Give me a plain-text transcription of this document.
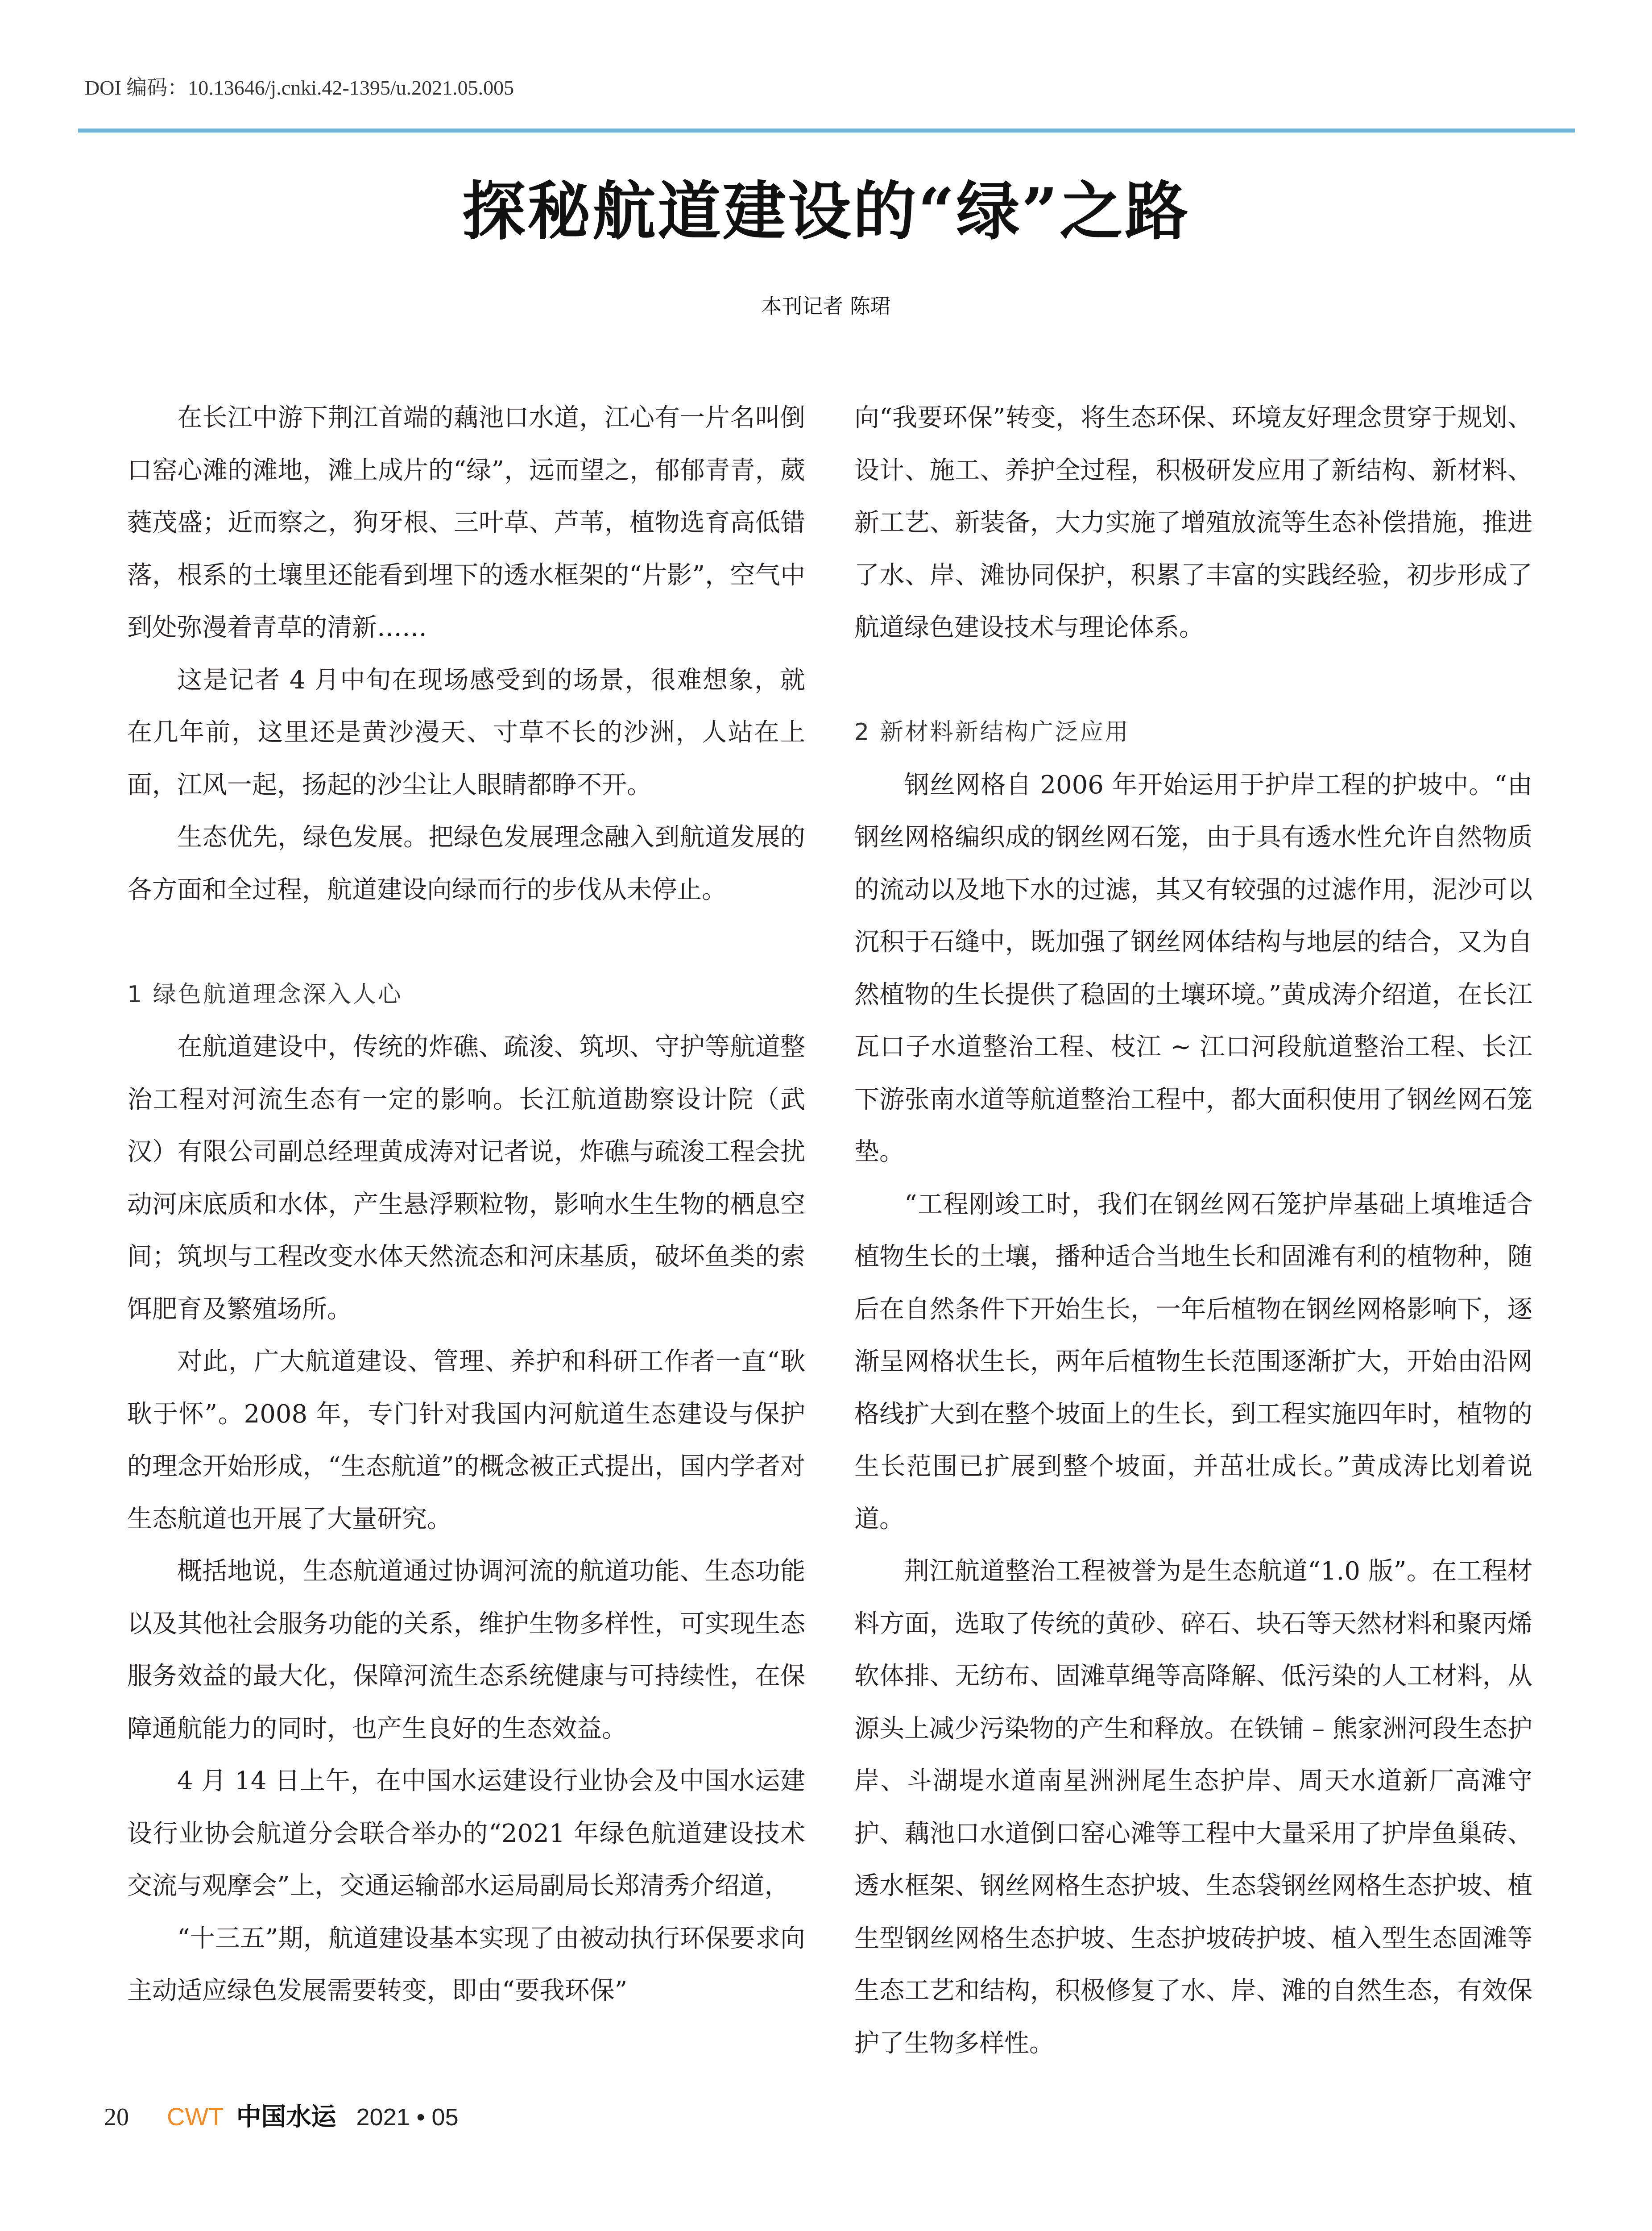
DOI 编码：10.13646/j.cnki.42-1395/u.2021.05.005
探秘航道建设的“绿”之路
本刊记者 陈珺

在长江中游下荆江首端的藕池口水道，江心有一片名叫倒口窑心滩的滩地，滩上成片的“绿”，远而望之，郁郁青青，葳蕤茂盛；近而察之，狗牙根、三叶草、芦苇，植物选育高低错落，根系的土壤里还能看到埋下的透水框架的“片影”，空气中到处弥漫着青草的清新……

这是记者 4 月中旬在现场感受到的场景，很难想象，就在几年前，这里还是黄沙漫天、寸草不长的沙洲，人站在上面，江风一起，扬起的沙尘让人眼睛都睁不开。

生态优先，绿色发展。把绿色发展理念融入到航道发展的各方面和全过程，航道建设向绿而行的步伐从未停止。

1 绿色航道理念深入人心

在航道建设中，传统的炸礁、疏浚、筑坝、守护等航道整治工程对河流生态有一定的影响。长江航道勘察设计院（武汉）有限公司副总经理黄成涛对记者说，炸礁与疏浚工程会扰动河床底质和水体，产生悬浮颗粒物，影响水生生物的栖息空间；筑坝与工程改变水体天然流态和河床基质，破坏鱼类的索饵肥育及繁殖场所。

对此，广大航道建设、管理、养护和科研工作者一直“耿耿于怀”。2008 年，专门针对我国内河航道生态建设与保护的理念开始形成，“生态航道”的概念被正式提出，国内学者对生态航道也开展了大量研究。

概括地说，生态航道通过协调河流的航道功能、生态功能以及其他社会服务功能的关系，维护生物多样性，可实现生态服务效益的最大化，保障河流生态系统健康与可持续性，在保障通航能力的同时，也产生良好的生态效益。

4 月 14 日上午，在中国水运建设行业协会及中国水运建设行业协会航道分会联合举办的“2021 年绿色航道建设技术交流与观摩会”上，交通运输部水运局副局长郑清秀介绍道，

“十三五”期，航道建设基本实现了由被动执行环保要求向主动适应绿色发展需要转变，即由“要我环保”

向“我要环保”转变，将生态环保、环境友好理念贯穿于规划、设计、施工、养护全过程，积极研发应用了新结构、新材料、新工艺、新装备，大力实施了增殖放流等生态补偿措施，推进了水、岸、滩协同保护，积累了丰富的实践经验，初步形成了航道绿色建设技术与理论体系。

2 新材料新结构广泛应用

钢丝网格自 2006 年开始运用于护岸工程的护坡中。“由钢丝网格编织成的钢丝网石笼，由于具有透水性允许自然物质的流动以及地下水的过滤，其又有较强的过滤作用，泥沙可以沉积于石缝中，既加强了钢丝网体结构与地层的结合，又为自然植物的生长提供了稳固的土壤环境。”黄成涛介绍道，在长江瓦口子水道整治工程、枝江 ~ 江口河段航道整治工程、长江下游张南水道等航道整治工程中，都大面积使用了钢丝网石笼垫。

“工程刚竣工时，我们在钢丝网石笼护岸基础上填堆适合植物生长的土壤，播种适合当地生长和固滩有利的植物种，随后在自然条件下开始生长，一年后植物在钢丝网格影响下，逐渐呈网格状生长，两年后植物生长范围逐渐扩大，开始由沿网格线扩大到在整个坡面上的生长，到工程实施四年时，植物的生长范围已扩展到整个坡面，并茁壮成长。”黄成涛比划着说道。

荆江航道整治工程被誉为是生态航道“1.0 版”。在工程材料方面，选取了传统的黄砂、碎石、块石等天然材料和聚丙烯软体排、无纺布、固滩草绳等高降解、低污染的人工材料，从源头上减少污染物的产生和释放。在铁铺 – 熊家洲河段生态护岸、斗湖堤水道南星洲洲尾生态护岸、周天水道新厂高滩守护、藕池口水道倒口窑心滩等工程中大量采用了护岸鱼巢砖、透水框架、钢丝网格生态护坡、生态袋钢丝网格生态护坡、植生型钢丝网格生态护坡、生态护坡砖护坡、植入型生态固滩等生态工艺和结构，积极修复了水、岸、滩的自然生态，有效保护了生物多样性。

20 CWT 中国水运 2021 • 05
